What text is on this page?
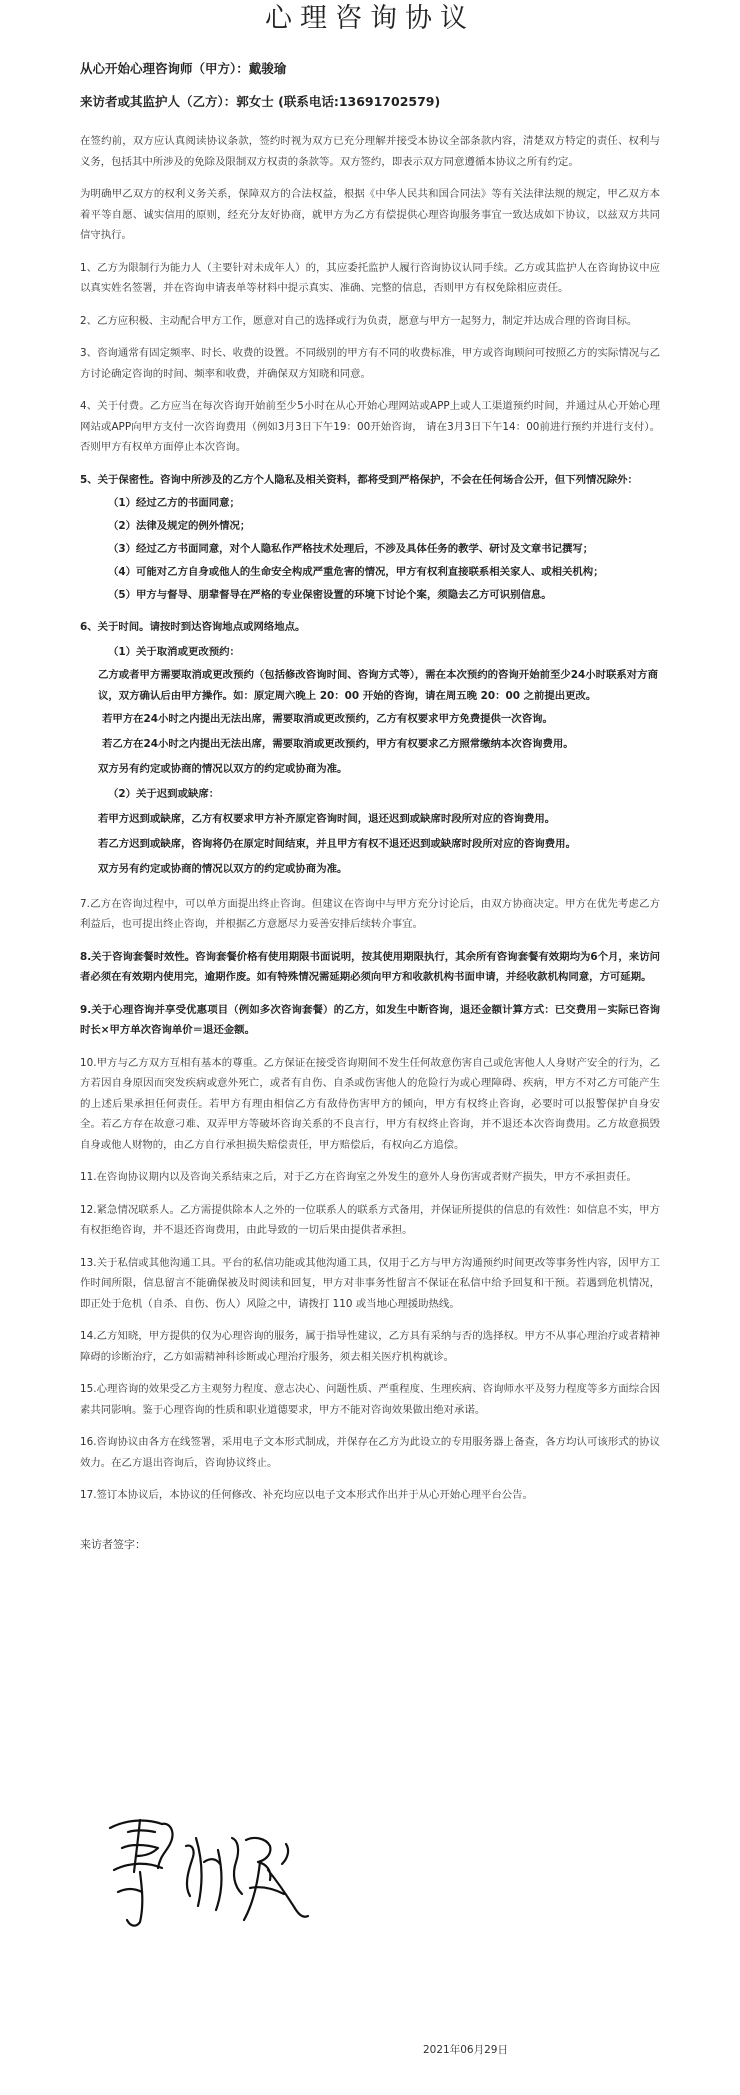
心理咨询协议
从心开始心理咨询师（甲方）：戴骏瑜
来访者或其监护人（乙方）：郭女士 (联系电话:13691702579)

在签约前，双方应认真阅读协议条款，签约时视为双方已充分理解并接受本协议全部条款内容，清楚双方特定的责任、权利与义务，包括其中所涉及的免除及限制双方权责的条款等。双方签约，即表示双方同意遵循本协议之所有约定。

为明确甲乙双方的权利义务关系，保障双方的合法权益，根据《中华人民共和国合同法》等有关法律法规的规定，甲乙双方本着平等自愿、诚实信用的原则，经充分友好协商，就甲方为乙方有偿提供心理咨询服务事宜一致达成如下协议，以兹双方共同信守执行。

1、乙方为限制行为能力人（主要针对未成年人）的，其应委托监护人履行咨询协议认同手续。乙方或其监护人在咨询协议中应以真实姓名签署，并在咨询申请表单等材料中提示真实、准确、完整的信息，否则甲方有权免除相应责任。

2、乙方应积极、主动配合甲方工作，愿意对自己的选择或行为负责，愿意与甲方一起努力，制定并达成合理的咨询目标。

3、咨询通常有固定频率、时长、收费的设置。不同级别的甲方有不同的收费标准，甲方或咨询顾问可按照乙方的实际情况与乙方讨论确定咨询的时间、频率和收费，并确保双方知晓和同意。

4、关于付费。乙方应当在每次咨询开始前至少5小时在从心开始心理网站或APP上或人工渠道预约时间，并通过从心开始心理网站或APP向甲方支付一次咨询费用（例如3月3日下午19：00开始咨询， 请在3月3日下午14：00前进行预约并进行支付）。否则甲方有权单方面停止本次咨询。

5、关于保密性。咨询中所涉及的乙方个人隐私及相关资料，都将受到严格保护，不会在任何场合公开，但下列情况除外：

（1）经过乙方的书面同意；
（2）法律及规定的例外情况；
（3）经过乙方书面同意，对个人隐私作严格技术处理后，不涉及具体任务的教学、研讨及文章书记撰写；
（4）可能对乙方自身或他人的生命安全构成严重危害的情况，甲方有权利直接联系相关家人、或相关机构；
（5）甲方与督导、朋辈督导在严格的专业保密设置的环境下讨论个案，须隐去乙方可识别信息。

6、关于时间。请按时到达咨询地点或网络地点。

（1）关于取消或更改预约：
乙方或者甲方需要取消或更改预约（包括修改咨询时间、咨询方式等），需在本次预约的咨询开始前至少24小时联系对方商议，双方确认后由甲方操作。如：原定周六晚上 20：00 开始的咨询，请在周五晚 20：00 之前提出更改。
若甲方在24小时之内提出无法出席，需要取消或更改预约，乙方有权要求甲方免费提供一次咨询。
若乙方在24小时之内提出无法出席，需要取消或更改预约，甲方有权要求乙方照常缴纳本次咨询费用。
双方另有约定或协商的情况以双方的约定或协商为准。
（2）关于迟到或缺席：
若甲方迟到或缺席，乙方有权要求甲方补齐原定咨询时间，退还迟到或缺席时段所对应的咨询费用。
若乙方迟到或缺席，咨询将仍在原定时间结束，并且甲方有权不退还迟到或缺席时段所对应的咨询费用。
双方另有约定或协商的情况以双方的约定或协商为准。

7.乙方在咨询过程中，可以单方面提出终止咨询。但建议在咨询中与甲方充分讨论后，由双方协商决定。甲方在优先考虑乙方利益后，也可提出终止咨询，并根据乙方意愿尽力妥善安排后续转介事宜。

8.关于咨询套餐时效性。咨询套餐价格有使用期限书面说明，按其使用期限执行，其余所有咨询套餐有效期均为6个月，来访问者必须在有效期内使用完，逾期作废。如有特殊情况需延期必须向甲方和收款机构书面申请，并经收款机构同意，方可延期。

9.关于心理咨询并享受优惠项目（例如多次咨询套餐）的乙方，如发生中断咨询，退还金额计算方式：已交费用－实际已咨询时长×甲方单次咨询单价＝退还金额。

10.甲方与乙方双方互相有基本的尊重。乙方保证在接受咨询期间不发生任何故意伤害自己或危害他人人身财产安全的行为，乙方若因自身原因而突发疾病或意外死亡，或者有自伤、自杀或伤害他人的危险行为或心理障碍、疾病，甲方不对乙方可能产生的上述后果承担任何责任。若甲方有理由相信乙方有敌侍伤害甲方的倾向，甲方有权终止咨询，必要时可以报警保护自身安全。若乙方存在故意刁难、双弄甲方等破坏咨询关系的不良言行，甲方有权终止咨询，并不退还本次咨询费用。乙方故意损毁自身或他人财物的，由乙方自行承担损失赔偿责任，甲方赔偿后，有权向乙方追偿。

11.在咨询协议期内以及咨询关系结束之后，对于乙方在咨询室之外发生的意外人身伤害或者财产损失，甲方不承担责任。

12.紧急情况联系人。乙方需提供除本人之外的一位联系人的联系方式备用，并保证所提供的信息的有效性：如信息不实，甲方有权拒绝咨询，并不退还咨询费用，由此导致的一切后果由提供者承担。

13.关于私信或其他沟通工具。平台的私信功能或其他沟通工具，仅用于乙方与甲方沟通预约时间更改等事务性内容，因甲方工作时间所限，信息留言不能确保被及时阅读和回复，甲方对非事务性留言不保证在私信中给予回复和干预。若遇到危机情况，即正处于危机（自杀、自伤、伤人）风险之中，请拨打 110 或当地心理援助热线。

14.乙方知晓，甲方提供的仅为心理咨询的服务，属于指导性建议，乙方具有采纳与否的选择权。甲方不从事心理治疗或者精神障碍的诊断治疗，乙方如需精神科诊断或心理治疗服务，须去相关医疗机构就诊。

15.心理咨询的效果受乙方主观努力程度、意志决心、问题性质、严重程度、生理疾病、咨询师水平及努力程度等多方面综合因素共同影响。鉴于心理咨询的性质和职业道德要求，甲方不能对咨询效果做出绝对承诺。

16.咨询协议由各方在线签署，采用电子文本形式制成，并保存在乙方为此设立的专用服务器上备查，各方均认可该形式的协议效力。在乙方退出咨询后，咨询协议终止。

17.签订本协议后，本协议的任何修改、补充均应以电子文本形式作出并于从心开始心理平台公告。

来访者签字：
2021年06月29日
